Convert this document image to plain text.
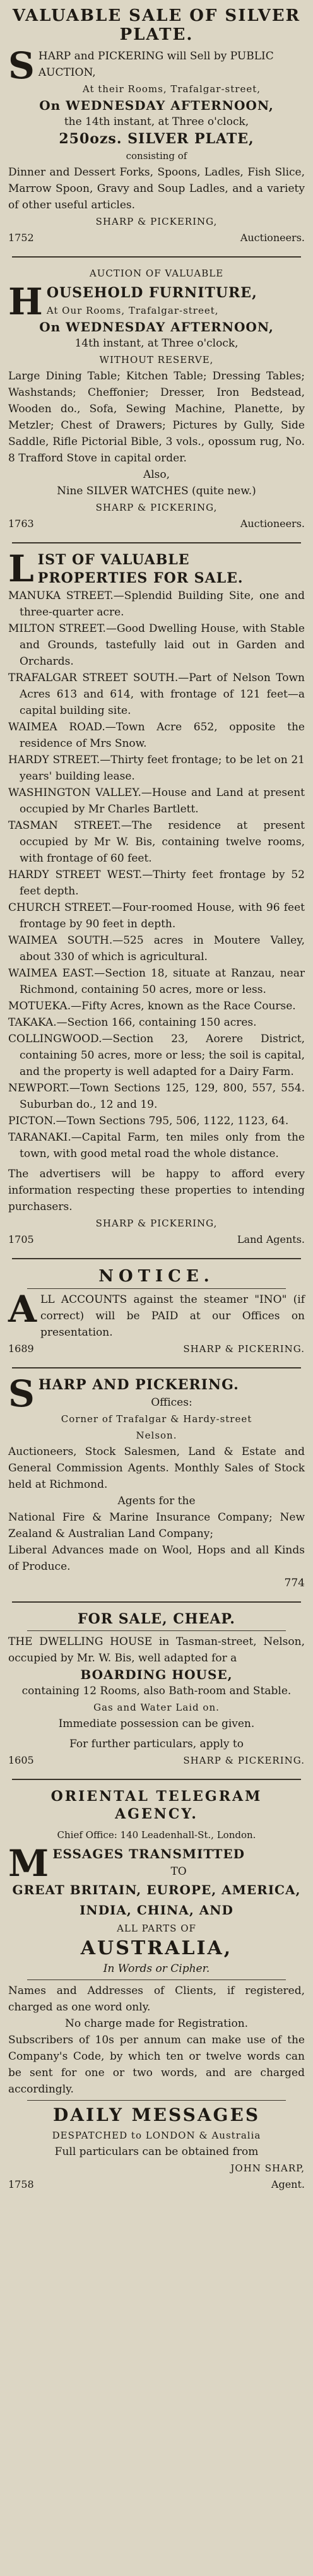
VALUABLE SALE OF SILVER PLATE.
SHARP and PICKERING will Sell by PUBLIC AUCTION,
At their Rooms, Trafalgar-street,
On WEDNESDAY AFTERNOON,
the 14th instant, at Three o'clock,
250ozs. SILVER PLATE,
consisting of
Dinner and Dessert Forks, Spoons, Ladles, Fish Slice, Marrow Spoon, Gravy and Soup Ladles, and a variety of other useful articles.
SHARP & PICKERING,
1752	Auctioneers.
AUCTION OF VALUABLE
HOUSEHOLD FURNITURE,
At Our Rooms, Trafalgar-street,
On WEDNESDAY AFTERNOON,
14th instant, at Three o'clock,
WITHOUT RESERVE,
Large Dining Table; Kitchen Table; Dressing Tables; Washstands; Cheffonier; Dresser, Iron Bedstead, Wooden do., Sofa, Sewing Machine, Planette, by Metzler; Chest of Drawers; Pictures by Gully, Side Saddle, Rifle Pictorial Bible, 3 vols., opossum rug, No. 8 Trafford Stove in capital order.
Also,
Nine SILVER WATCHES (quite new.)
SHARP & PICKERING,
1763	Auctioneers.
LIST OF VALUABLE PROPERTIES FOR SALE.
MANUKA STREET.—Splendid Building Site, one and three-quarter acre.
MILTON STREET.—Good Dwelling House, with Stable and Grounds, tastefully laid out in Garden and Orchards.
TRAFALGAR STREET SOUTH.—Part of Nelson Town Acres 613 and 614, with frontage of 121 feet—a capital building site.
WAIMEA ROAD.—Town Acre 652, opposite the residence of Mrs Snow.
HARDY STREET.—Thirty feet frontage; to be let on 21 years' building lease.
WASHINGTON VALLEY.—House and Land at present occupied by Mr Charles Bartlett.
TASMAN STREET.—The residence at present occupied by Mr W. Bis, containing twelve rooms, with frontage of 60 feet.
HARDY STREET WEST.—Thirty feet frontage by 52 feet depth.
CHURCH STREET.—Four-roomed House, with 96 feet frontage by 90 feet in depth.
WAIMEA SOUTH.—525 acres in Moutere Valley, about 330 of which is agricultural.
WAIMEA EAST.—Section 18, situate at Ranzau, near Richmond, containing 50 acres, more or less.
MOTUEKA.—Fifty Acres, known as the Race Course.
TAKAKA.—Section 166, containing 150 acres.
COLLINGWOOD.—Section 23, Aorere District, containing 50 acres, more or less; the soil is capital, and the property is well adapted for a Dairy Farm.
NEWPORT.—Town Sections 125, 129, 800, 557, 554. Suburban do., 12 and 19.
PICTON.—Town Sections 795, 506, 1122, 1123, 64.
TARANAKI.—Capital Farm, ten miles only from the town, with good metal road the whole distance.
The advertisers will be happy to afford every information respecting these properties to intending purchasers.
SHARP & PICKERING,
1705	Land Agents.
NOTICE.
ALL ACCOUNTS against the steamer "INO" (if correct) will be PAID at our Offices on presentation.
1689	SHARP & PICKERING.
SHARP AND PICKERING.
Offices:
Corner of Trafalgar & Hardy-street
Nelson.
Auctioneers, Stock Salesmen, Land & Estate and General Commission Agents. Monthly Sales of Stock held at Richmond.
Agents for the
National Fire & Marine Insurance Company; New Zealand & Australian Land Company;
Liberal Advances made on Wool, Hops and all Kinds of Produce.
774
FOR SALE, CHEAP.
THE DWELLING HOUSE in Tasman-street, Nelson, occupied by Mr. W. Bis, well adapted for a
BOARDING HOUSE,
containing 12 Rooms, also Bath-room and Stable.
Gas and Water Laid on.
Immediate possession can be given.
For further particulars, apply to
1605	SHARP & PICKERING.
ORIENTAL TELEGRAM AGENCY.
Chief Office: 140 Leadenhall-St., London.
MESSAGES TRANSMITTED
TO
GREAT BRITAIN, EUROPE, AMERICA, INDIA, CHINA, AND
ALL PARTS OF
AUSTRALIA,
In Words or Cipher.
Names and Addresses of Clients, if registered, charged as one word only.
No charge made for Registration.
Subscribers of 10s per annum can make use of the Company's Code, by which ten or twelve words can be sent for one or two words, and are charged accordingly.
DAILY MESSAGES
DESPATCHED to LONDON & Australia
Full particulars can be obtained from
JOHN SHARP,
1758	Agent.
